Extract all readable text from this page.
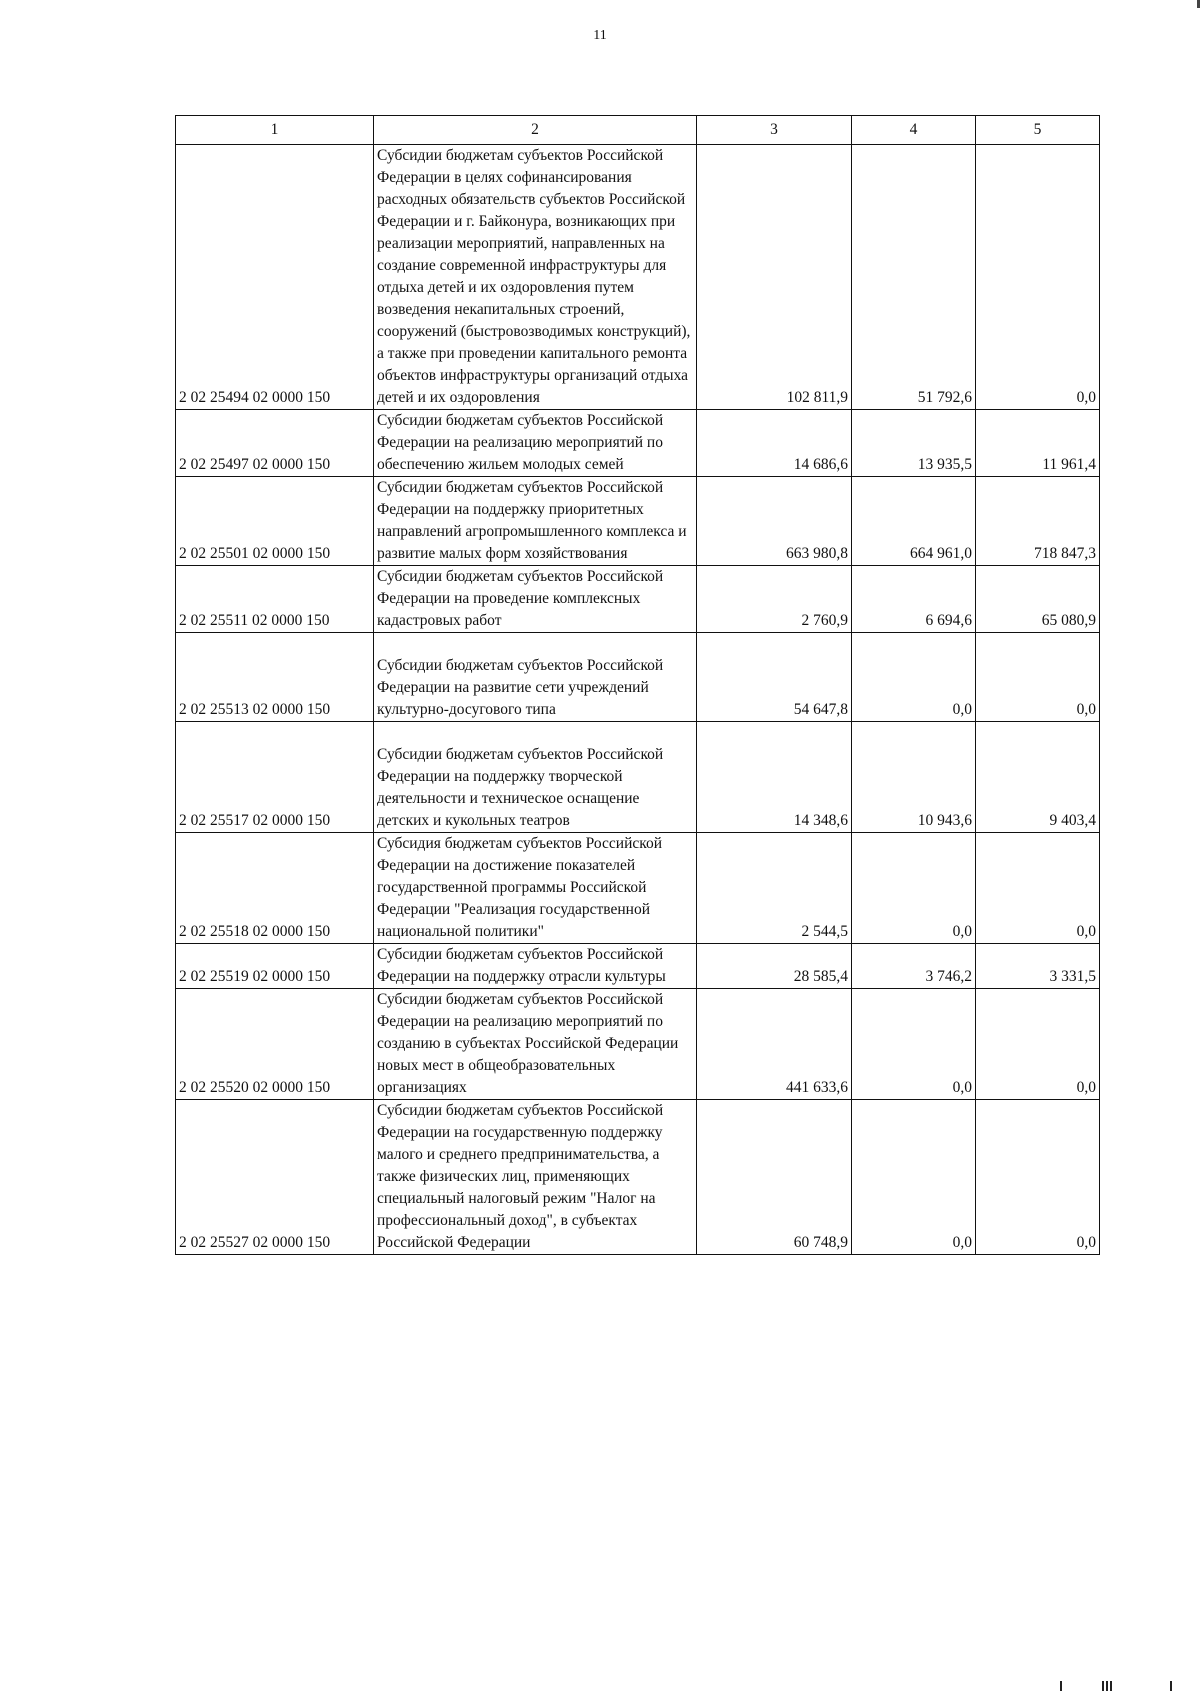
11
1	2	3	4	5
2 02 25494 02 0000 150	Субсидии бюджетам субъектов Российской Федерации в целях софинансирования расходных обязательств субъектов Российской Федерации и г. Байконура, возникающих при реализации мероприятий, направленных на создание современной инфраструктуры для отдыха детей и их оздоровления путем возведения некапитальных строений, сооружений (быстровозводимых конструкций), а также при проведении капитального ремонта объектов инфраструктуры организаций отдыха детей и их оздоровления	102 811,9	51 792,6	0,0
2 02 25497 02 0000 150	Субсидии бюджетам субъектов Российской Федерации на реализацию мероприятий по обеспечению жильем молодых семей	14 686,6	13 935,5	11 961,4
2 02 25501 02 0000 150	Субсидии бюджетам субъектов Российской Федерации на поддержку приоритетных направлений агропромышленного комплекса и развитие малых форм хозяйствования	663 980,8	664 961,0	718 847,3
2 02 25511 02 0000 150	Субсидии бюджетам субъектов Российской Федерации на проведение комплексных кадастровых работ	2 760,9	6 694,6	65 080,9
2 02 25513 02 0000 150	Субсидии бюджетам субъектов Российской Федерации на развитие сети учреждений культурно-досугового типа	54 647,8	0,0	0,0
2 02 25517 02 0000 150	Субсидии бюджетам субъектов Российской Федерации на поддержку творческой деятельности и техническое оснащение детских и кукольных театров	14 348,6	10 943,6	9 403,4
2 02 25518 02 0000 150	Субсидия бюджетам субъектов Российской Федерации на достижение показателей государственной программы Российской Федерации "Реализация государственной национальной политики"	2 544,5	0,0	0,0
2 02 25519 02 0000 150	Субсидии бюджетам субъектов Российской Федерации на поддержку отрасли культуры	28 585,4	3 746,2	3 331,5
2 02 25520 02 0000 150	Субсидии бюджетам субъектов Российской Федерации на реализацию мероприятий по созданию в субъектах Российской Федерации новых мест в общеобразовательных организациях	441 633,6	0,0	0,0
2 02 25527 02 0000 150	Субсидии бюджетам субъектов Российской Федерации на государственную поддержку малого и среднего предпринимательства, а также физических лиц, применяющих специальный налоговый режим "Налог на профессиональный доход", в субъектах Российской Федерации	60 748,9	0,0	0,0
